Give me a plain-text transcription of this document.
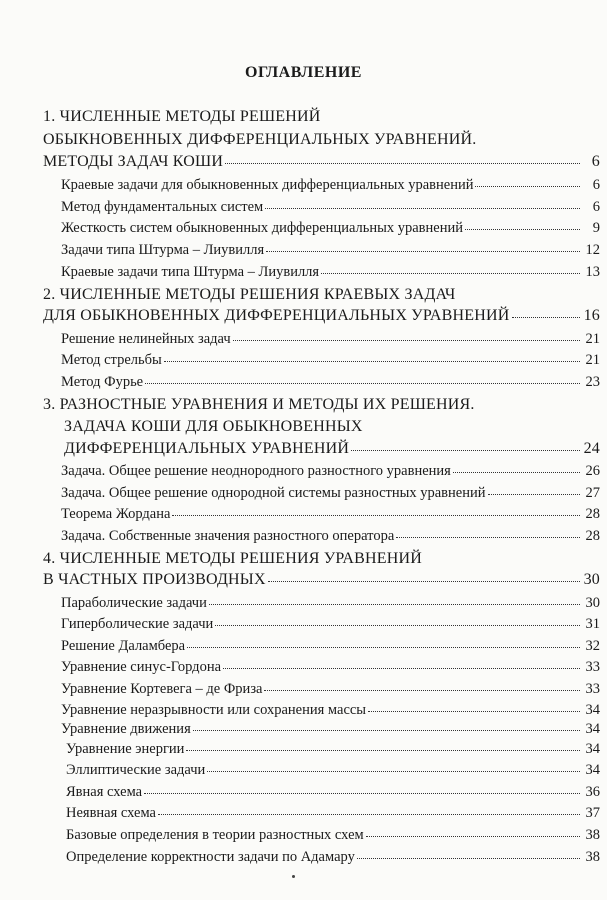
ОГЛАВЛЕНИЕ
1. ЧИСЛЕННЫЕ МЕТОДЫ РЕШЕНИЙ
ОБЫКНОВЕННЫХ ДИФФЕРЕНЦИАЛЬНЫХ УРАВНЕНИЙ.
МЕТОДЫ ЗАДАЧ КОШИ	6
Краевые задачи для обыкновенных дифференциальных уравнений	6
Метод фундаментальных систем	6
Жесткость систем обыкновенных дифференциальных уравнений	9
Задачи типа Штурма – Лиувилля	12
Краевые задачи типа Штурма – Лиувилля	13
2. ЧИСЛЕННЫЕ МЕТОДЫ РЕШЕНИЯ КРАЕВЫХ ЗАДАЧ
ДЛЯ ОБЫКНОВЕННЫХ ДИФФЕРЕНЦИАЛЬНЫХ УРАВНЕНИЙ	16
Решение нелинейных задач	21
Метод стрельбы	21
Метод Фурье	23
3. РАЗНОСТНЫЕ УРАВНЕНИЯ И МЕТОДЫ ИХ РЕШЕНИЯ.
ЗАДАЧА КОШИ ДЛЯ ОБЫКНОВЕННЫХ
ДИФФЕРЕНЦИАЛЬНЫХ УРАВНЕНИЙ	24
Задача. Общее решение неоднородного разностного уравнения	26
Задача. Общее решение однородной системы разностных уравнений	27
Теорема Жордана	28
Задача. Собственные значения разностного оператора	28
4. ЧИСЛЕННЫЕ МЕТОДЫ РЕШЕНИЯ УРАВНЕНИЙ
В ЧАСТНЫХ ПРОИЗВОДНЫХ	30
Параболические задачи	30
Гиперболические задачи	31
Решение Даламбера	32
Уравнение синус-Гордона	33
Уравнение Кортевега – де Фриза	33
Уравнение неразрывности или сохранения массы	34
Уравнение движения	34
Уравнение энергии	34
Эллиптические задачи	34
Явная схема	36
Неявная схема	37
Базовые определения в теории разностных схем	38
Определение корректности задачи по Адамару	38
